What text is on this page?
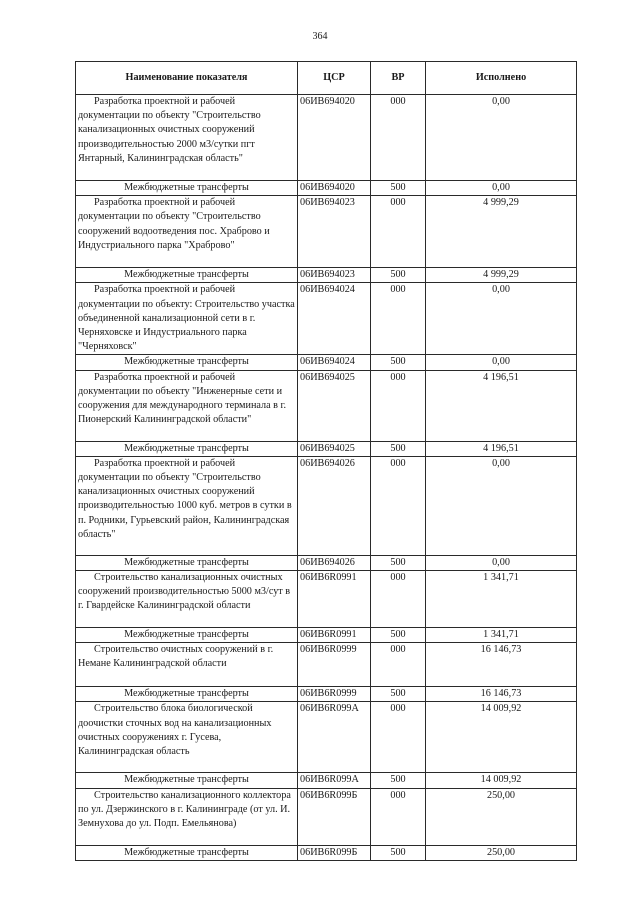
364
Наименование показателя	ЦСР	ВР	Исполнено
Разработка проектной и рабочей документации по объекту "Строительство канализационных очистных сооружений производительностью 2000 м3/сутки пгт Янтарный, Калининградская область"	06ИВ694020	000	0,00
Межбюджетные трансферты	06ИВ694020	500	0,00
Разработка проектной и рабочей документации по объекту "Строительство сооружений водоотведения пос. Храброво и Индустриального парка "Храброво"	06ИВ694023	000	4 999,29
Межбюджетные трансферты	06ИВ694023	500	4 999,29
Разработка проектной и рабочей документации по объекту: Строительство участка объединенной канализационной сети в г. Черняховске и Индустриального парка "Черняховск"	06ИВ694024	000	0,00
Межбюджетные трансферты	06ИВ694024	500	0,00
Разработка проектной и рабочей документации по объекту "Инженерные сети и сооружения для международного терминала в г. Пионерский Калининградской области"	06ИВ694025	000	4 196,51
Межбюджетные трансферты	06ИВ694025	500	4 196,51
Разработка проектной и рабочей документации по объекту "Строительство канализационных очистных сооружений производительностью 1000 куб. метров в сутки в п. Родники, Гурьевский район, Калининградская область"	06ИВ694026	000	0,00
Межбюджетные трансферты	06ИВ694026	500	0,00
Строительство канализационных очистных сооружений производительностью 5000 м3/сут в г. Гвардейске Калининградской области	06ИВ6R0991	000	1 341,71
Межбюджетные трансферты	06ИВ6R0991	500	1 341,71
Строительство очистных сооружений в г. Немане Калининградской области	06ИВ6R0999	000	16 146,73
Межбюджетные трансферты	06ИВ6R0999	500	16 146,73
Строительство блока биологической доочистки сточных вод на канализационных очистных сооружениях г. Гусева, Калининградская область	06ИВ6R099А	000	14 009,92
Межбюджетные трансферты	06ИВ6R099А	500	14 009,92
Строительство канализационного коллектора по ул. Дзержинского в г. Калининграде (от ул. И. Земнухова до ул. Подп. Емельянова)	06ИВ6R099Б	000	250,00
Межбюджетные трансферты	06ИВ6R099Б	500	250,00
